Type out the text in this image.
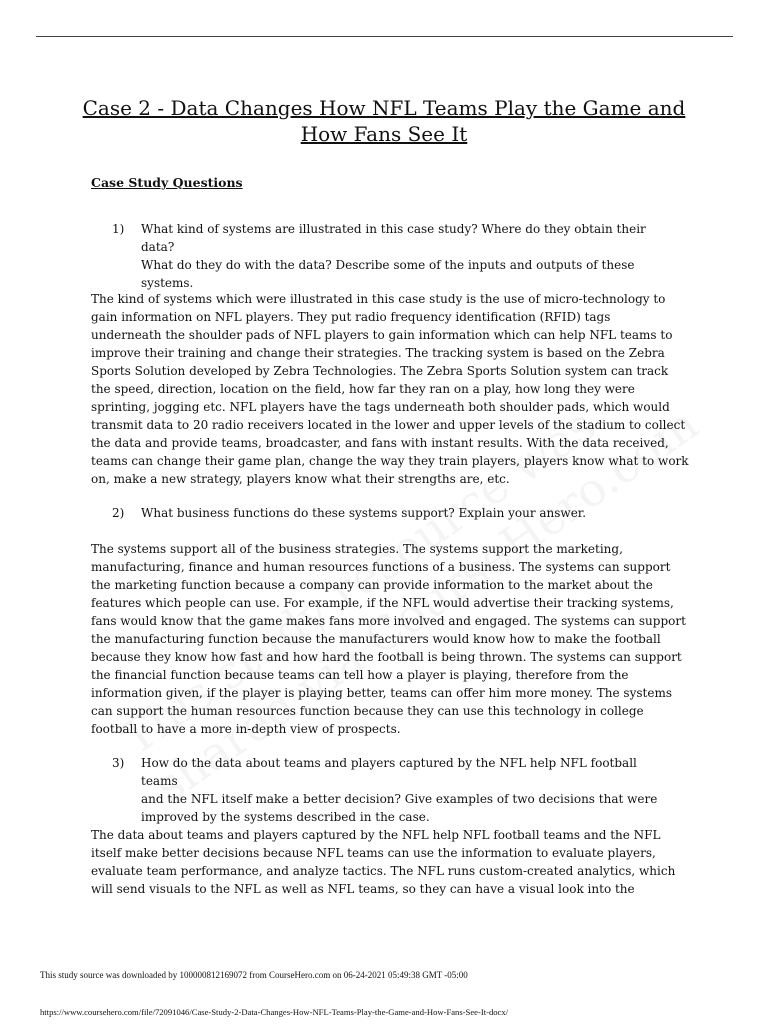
Case 2 - Data Changes How NFL Teams Play the Game and
How Fans See It
Case Study Questions
1) What kind of systems are illustrated in this case study? Where do they obtain their data?
What do they do with the data? Describe some of the inputs and outputs of these
systems.
The kind of systems which were illustrated in this case study is the use of micro-technology to
gain information on NFL players. They put radio frequency identification (RFID) tags
underneath the shoulder pads of NFL players to gain information which can help NFL teams to
improve their training and change their strategies. The tracking system is based on the Zebra
Sports Solution developed by Zebra Technologies. The Zebra Sports Solution system can track
the speed, direction, location on the field, how far they ran on a play, how long they were
sprinting, jogging etc. NFL players have the tags underneath both shoulder pads, which would
transmit data to 20 radio receivers located in the lower and upper levels of the stadium to collect
the data and provide teams, broadcaster, and fans with instant results. With the data received,
teams can change their game plan, change the way they train players, players know what to work
on, make a new strategy, players know what their strengths are, etc.
2) What business functions do these systems support? Explain your answer.
The systems support all of the business strategies. The systems support the marketing,
manufacturing, finance and human resources functions of a business. The systems can support
the marketing function because a company can provide information to the market about the
features which people can use. For example, if the NFL would advertise their tracking systems,
fans would know that the game makes fans more involved and engaged. The systems can support
the manufacturing function because the manufacturers would know how to make the football
because they know how fast and how hard the football is being thrown. The systems can support
the financial function because teams can tell how a player is playing, therefore from the
information given, if the player is playing better, teams can offer him more money. The systems
can support the human resources function because they can use this technology in college
football to have a more in-depth view of prospects.
3) How do the data about teams and players captured by the NFL help NFL football teams
and the NFL itself make a better decision? Give examples of two decisions that were
improved by the systems described in the case.
The data about teams and players captured by the NFL help NFL football teams and the NFL
itself make better decisions because NFL teams can use the information to evaluate players,
evaluate team performance, and analyze tactics. The NFL runs custom-created analytics, which
will send visuals to the NFL as well as NFL teams, so they can have a visual look into the
This study source was downloaded by 100000812169072 from CourseHero.com on 06-24-2021 05:49:38 GMT -05:00
https://www.coursehero.com/file/72091046/Case-Study-2-Data-Changes-How-NFL-Teams-Play-the-Game-and-How-Fans-See-It-docx/
